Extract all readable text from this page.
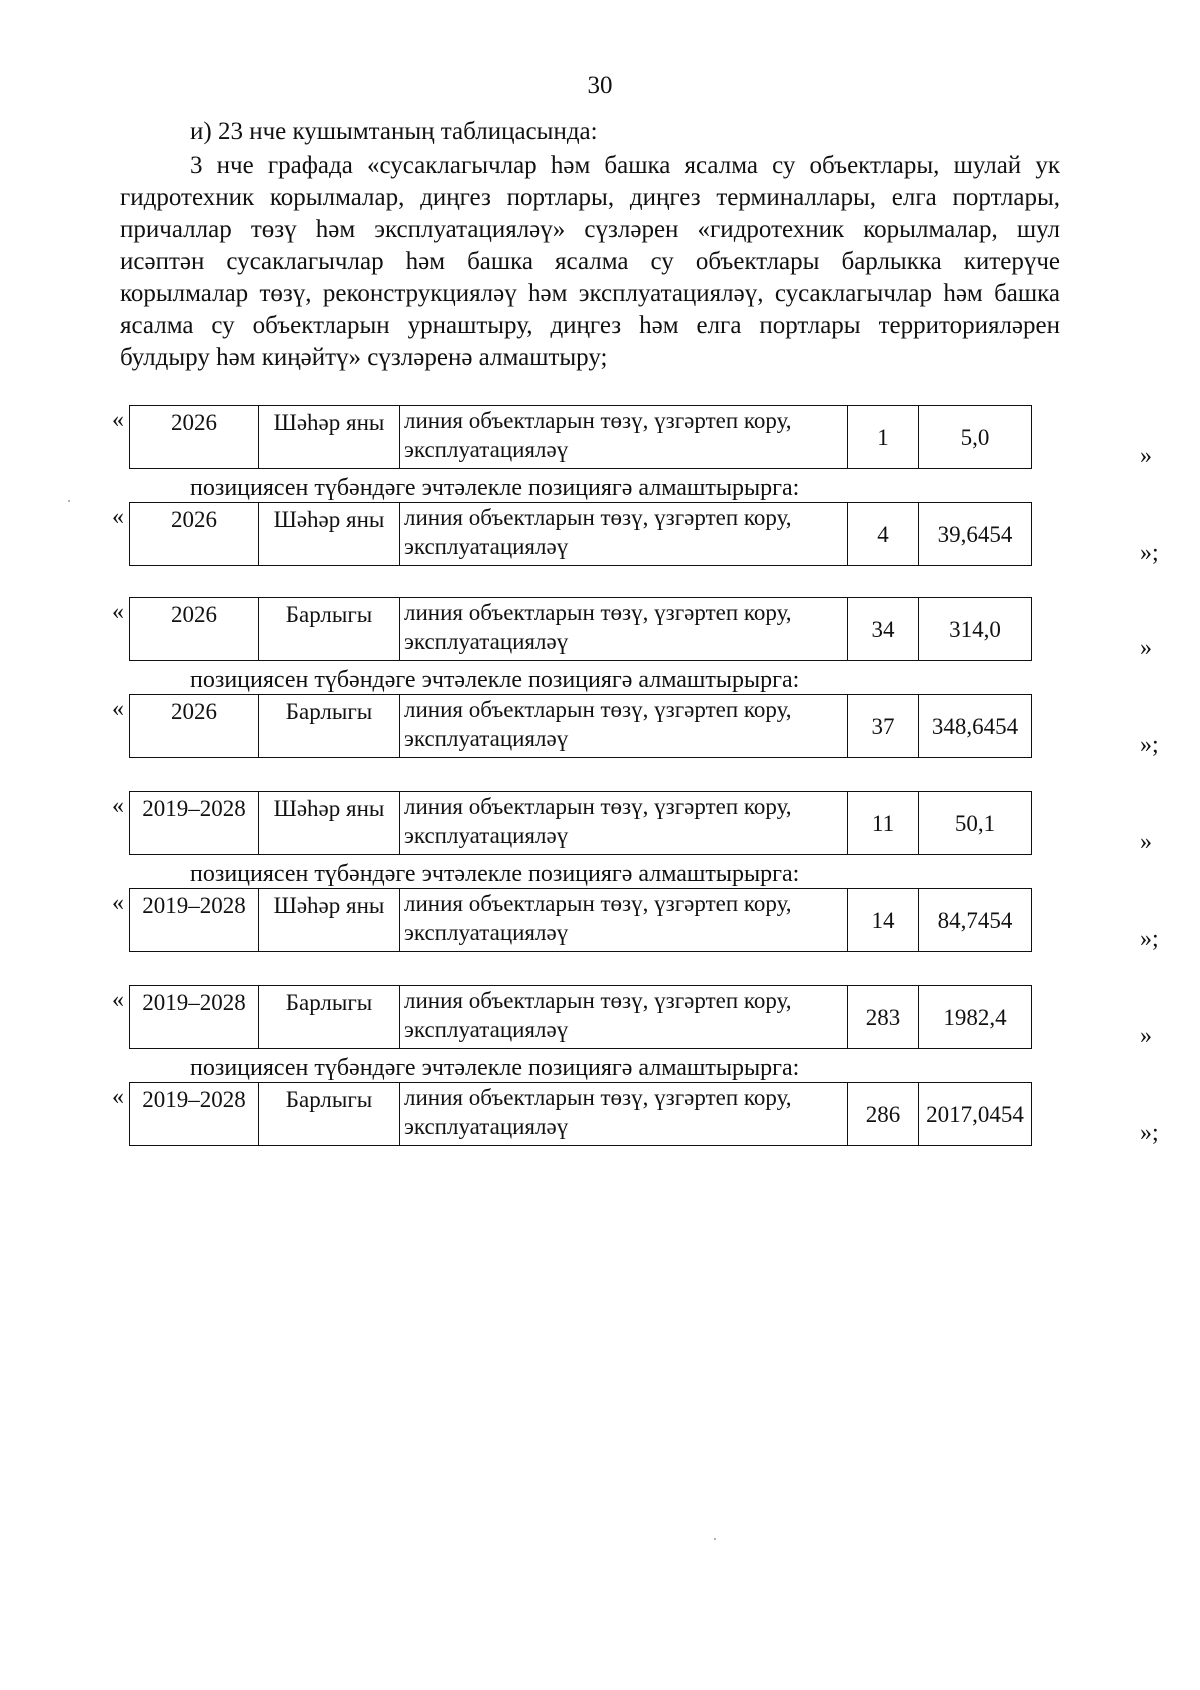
30
и) 23 нче кушымтаның таблицасында:
3 нче графада «сусаклагычлар һәм башка ясалма су объектлары, шулай ук гидротехник корылмалар, диңгез портлары, диңгез терминаллары, елга портлары, причаллар төзү һәм эксплуатацияләү» сүзләрен «гидротехник корылмалар, шул исәптән сусаклагычлар һәм башка ясалма су объектлары барлыкка китерүче корылмалар төзү, реконструкцияләү һәм эксплуатацияләү, сусаклагычлар һәм башка ясалма су объектларын урнаштыру, диңгез һәм елга портлары территорияләрен булдыру һәм киңәйтү» сүзләренә алмаштыру;
« 2026	Шәһәр яны	линия объектларын төзү, үзгәртеп кору, эксплуатацияләү	1	5,0
»
позициясен түбәндәге эчтәлекле позициягә алмаштырырга:
« 2026	Шәһәр яны	линия объектларын төзү, үзгәртеп кору, эксплуатацияләү	4	39,6454
»;
« 2026	Барлыгы	линия объектларын төзү, үзгәртеп кору, эксплуатацияләү	34	314,0
»
позициясен түбәндәге эчтәлекле позициягә алмаштырырга:
« 2026	Барлыгы	линия объектларын төзү, үзгәртеп кору, эксплуатацияләү	37	348,6454
»;
« 2019–2028	Шәһәр яны	линия объектларын төзү, үзгәртеп кору, эксплуатацияләү	11	50,1
»
позициясен түбәндәге эчтәлекле позициягә алмаштырырга:
« 2019–2028	Шәһәр яны	линия объектларын төзү, үзгәртеп кору, эксплуатацияләү	14	84,7454
»;
« 2019–2028	Барлыгы	линия объектларын төзү, үзгәртеп кору, эксплуатацияләү	283	1982,4
»
позициясен түбәндәге эчтәлекле позициягә алмаштырырга:
« 2019–2028	Барлыгы	линия объектларын төзү, үзгәртеп кору, эксплуатацияләү	286	2017,0454
»;
